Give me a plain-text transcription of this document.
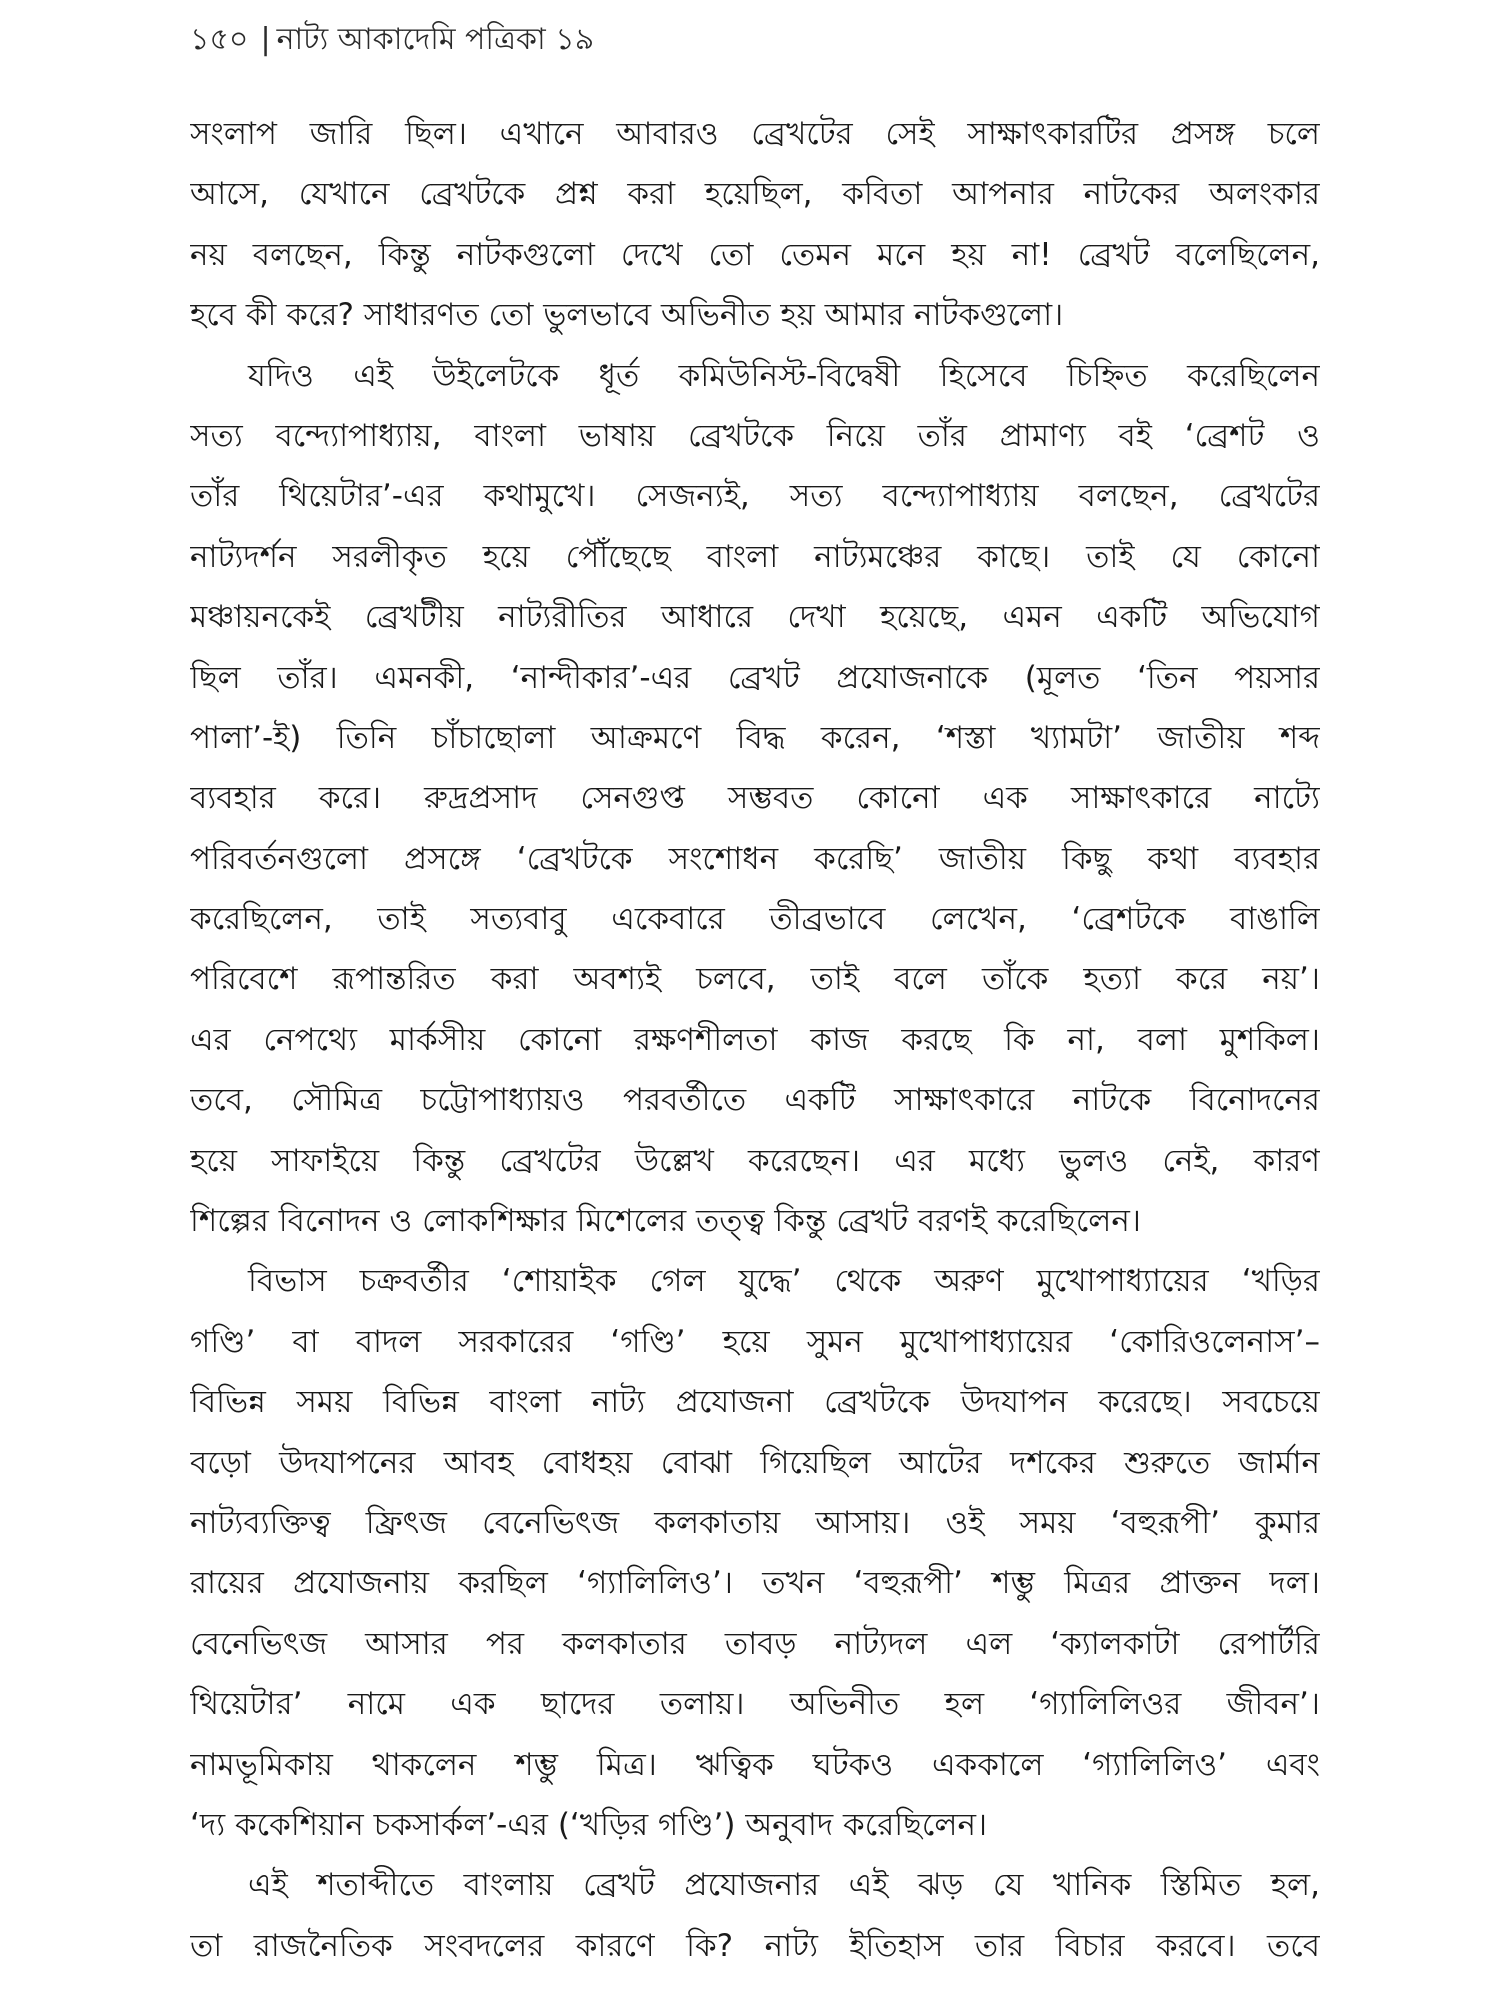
১৫০ | নাট্য আকাদেমি পত্রিকা ১৯
সংলাপ জারি ছিল। এখানে আবারও ব্রেখটের সেই সাক্ষাৎকারটির প্রসঙ্গ চলে
আসে, যেখানে ব্রেখটকে প্রশ্ন করা হয়েছিল, কবিতা আপনার নাটকের অলংকার
নয় বলছেন, কিন্তু নাটকগুলো দেখে তো তেমন মনে হয় না! ব্রেখট বলেছিলেন,
হবে কী করে? সাধারণত তো ভুলভাবে অভিনীত হয় আমার নাটকগুলো।
যদিও এই উইলেটকে ধূর্ত কমিউনিস্ট-বিদ্বেষী হিসেবে চিহ্নিত করেছিলেন
সত্য বন্দ্যোপাধ্যায়, বাংলা ভাষায় ব্রেখটকে নিয়ে তাঁর প্রামাণ্য বই ‘ব্রেশট ও
তাঁর থিয়েটার’-এর কথামুখে। সেজন্যই, সত্য বন্দ্যোপাধ্যায় বলছেন, ব্রেখটের
নাট্যদর্শন সরলীকৃত হয়ে পৌঁছেছে বাংলা নাট্যমঞ্চের কাছে। তাই যে কোনো
মঞ্চায়নকেই ব্রেখটীয় নাট্যরীতির আধারে দেখা হয়েছে, এমন একটি অভিযোগ
ছিল তাঁর। এমনকী, ‘নান্দীকার’-এর ব্রেখট প্রযোজনাকে (মূলত ‘তিন পয়সার
পালা’-ই) তিনি চাঁচাছোলা আক্রমণে বিদ্ধ করেন, ‘শস্তা খ্যামটা’ জাতীয় শব্দ
ব্যবহার করে। রুদ্রপ্রসাদ সেনগুপ্ত সম্ভবত কোনো এক সাক্ষাৎকারে নাট্যে
পরিবর্তনগুলো প্রসঙ্গে ‘ব্রেখটকে সংশোধন করেছি’ জাতীয় কিছু কথা ব্যবহার
করেছিলেন, তাই সত্যবাবু একেবারে তীব্রভাবে লেখেন, ‘ব্রেশটকে বাঙালি
পরিবেশে রূপান্তরিত করা অবশ্যই চলবে, তাই বলে তাঁকে হত্যা করে নয়’।
এর নেপথ্যে মার্কসীয় কোনো রক্ষণশীলতা কাজ করছে কি না, বলা মুশকিল।
তবে, সৌমিত্র চট্টোপাধ্যায়ও পরবর্তীতে একটি সাক্ষাৎকারে নাটকে বিনোদনের
হয়ে সাফাইয়ে কিন্তু ব্রেখটের উল্লেখ করেছেন। এর মধ্যে ভুলও নেই, কারণ
শিল্পের বিনোদন ও লোকশিক্ষার মিশেলের তত্ত্ব কিন্তু ব্রেখট বরণই করেছিলেন।
বিভাস চক্রবর্তীর ‘শোয়াইক গেল যুদ্ধে’ থেকে অরুণ মুখোপাধ্যায়ের ‘খড়ির
গণ্ডি’ বা বাদল সরকারের ‘গণ্ডি’ হয়ে সুমন মুখোপাধ্যায়ের ‘কোরিওলেনাস’–
বিভিন্ন সময় বিভিন্ন বাংলা নাট্য প্রযোজনা ব্রেখটকে উদযাপন করেছে। সবচেয়ে
বড়ো উদযাপনের আবহ বোধহয় বোঝা গিয়েছিল আটের দশকের শুরুতে জার্মান
নাট্যব্যক্তিত্ব ফ্রিৎজ বেনেভিৎজ কলকাতায় আসায়। ওই সময় ‘বহুরূপী’ কুমার
রায়ের প্রযোজনায় করছিল ‘গ্যালিলিও’। তখন ‘বহুরূপী’ শম্ভু মিত্রর প্রাক্তন দল।
বেনেভিৎজ আসার পর কলকাতার তাবড় নাট্যদল এল ‘ক্যালকাটা রেপার্টরি
থিয়েটার’ নামে এক ছাদের তলায়। অভিনীত হল ‘গ্যালিলিওর জীবন’।
নামভূমিকায় থাকলেন শম্ভু মিত্র। ঋত্বিক ঘটকও এককালে ‘গ্যালিলিও’ এবং
‘দ্য ককেশিয়ান চকসার্কল’-এর (‘খড়ির গণ্ডি’) অনুবাদ করেছিলেন।
এই শতাব্দীতে বাংলায় ব্রেখট প্রযোজনার এই ঝড় যে খানিক স্তিমিত হল,
তা রাজনৈতিক সংবদলের কারণে কি? নাট্য ইতিহাস তার বিচার করবে। তবে
